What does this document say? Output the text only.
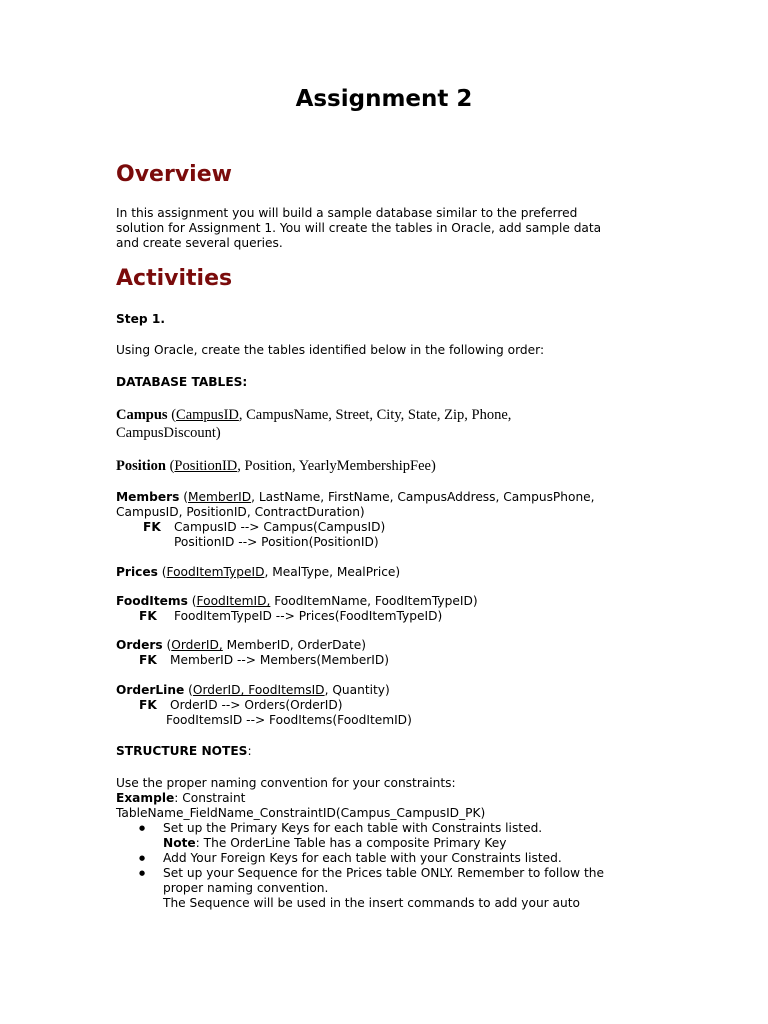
Assignment 2
Overview
In this assignment you will build a sample database similar to the preferred
solution for Assignment 1. You will create the tables in Oracle, add sample data
and create several queries.
Activities
Step 1.
Using Oracle, create the tables identified below in the following order:
DATABASE TABLES:
Campus (CampusID, CampusName, Street, City, State, Zip, Phone,
CampusDiscount)
Position (PositionID, Position, YearlyMembershipFee)
Members (MemberID, LastName, FirstName, CampusAddress, CampusPhone,
CampusID, PositionID, ContractDuration)
FK CampusID --> Campus(CampusID)
PositionID --> Position(PositionID)
Prices (FoodItemTypeID, MealType, MealPrice)
FoodItems (FoodItemID, FoodItemName, FoodItemTypeID)
FK FoodItemTypeID --> Prices(FoodItemTypeID)
Orders (OrderID, MemberID, OrderDate)
FK MemberID --> Members(MemberID)
OrderLine (OrderID, FoodItemsID, Quantity)
FK OrderID --> Orders(OrderID)
FoodItemsID --> FoodItems(FoodItemID)
STRUCTURE NOTES:
Use the proper naming convention for your constraints:
Example: Constraint
TableName_FieldName_ConstraintID(Campus_CampusID_PK)
●
Set up the Primary Keys for each table with Constraints listed.
Note: The OrderLine Table has a composite Primary Key
●
Add Your Foreign Keys for each table with your Constraints listed.
●
Set up your Sequence for the Prices table ONLY. Remember to follow the
proper naming convention.
The Sequence will be used in the insert commands to add your auto
